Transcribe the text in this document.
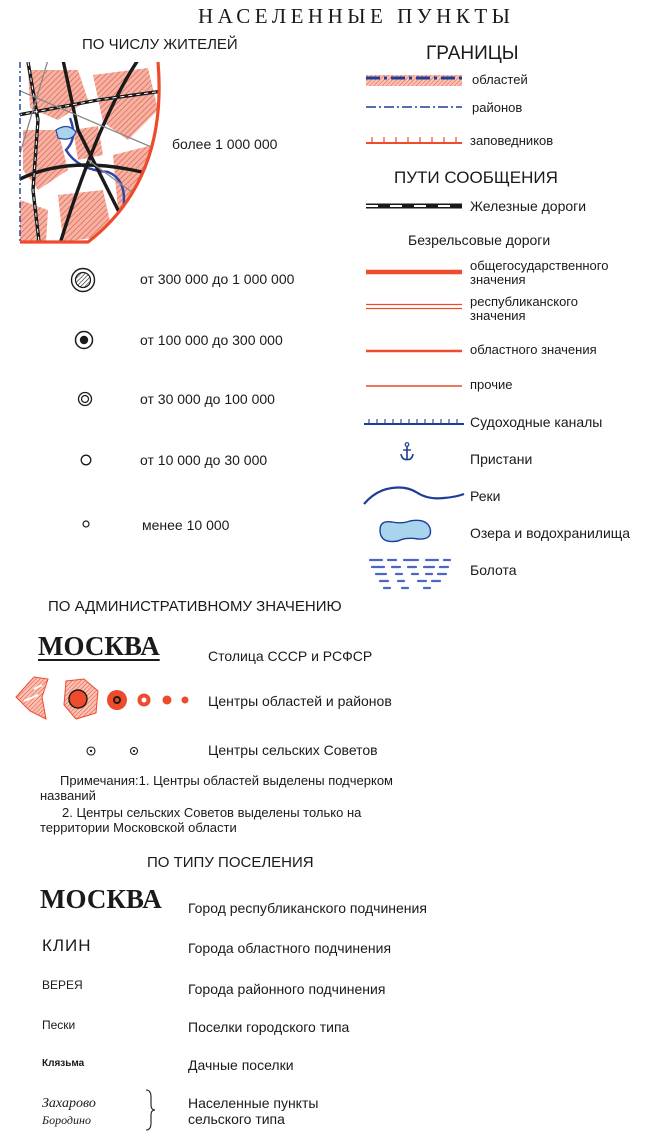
НАСЕЛЕННЫЕ ПУНКТЫ
ПО ЧИСЛУ ЖИТЕЛЕЙ
более 1 000 000
от 300 000 до 1 000 000
от 100 000 до 300 000
от 30 000 до 100 000
от 10 000 до 30 000
менее 10 000
ГРАНИЦЫ
областей
районов
заповедников
ПУТИ СООБЩЕНИЯ
Железные дороги
Безрельсовые дороги
общегосударственного
значения
республиканского
значения
областного значения
прочие
Судоходные каналы
Пристани
Реки
Озера и водохранилища
Болота
ПО АДМИНИСТРАТИВНОМУ ЗНАЧЕНИЮ
МОСКВА	Столица СССР и РСФСР
Центры областей и районов
Центры сельских Советов
Примечания:1. Центры областей выделены подчерком
названий
2. Центры сельских Советов выделены только на
территории Московской области
ПО ТИПУ ПОСЕЛЕНИЯ
МОСКВА Город республиканского подчинения
КЛИН	Города областного подчинения
ВЕРЕЯ	Города районного подчинения
Пески	Поселки городского типа
Клязьма	Дачные поселки
Захарово
Бородино
Населенные пункты
сельского типа
